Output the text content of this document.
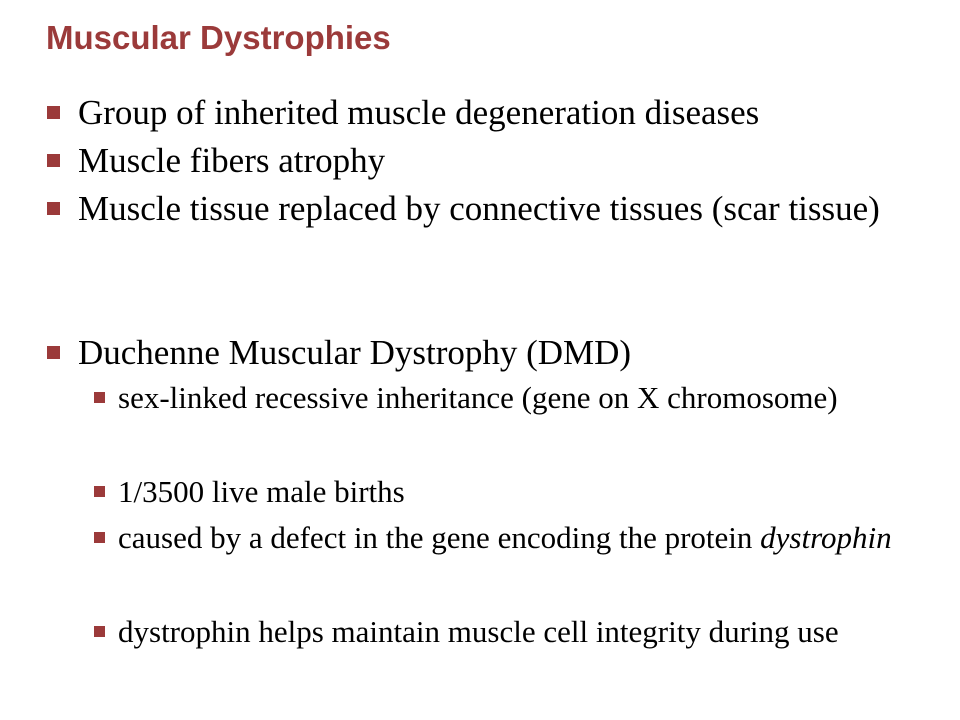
Muscular Dystrophies
Group of inherited muscle degeneration diseases
Muscle fibers atrophy
Muscle tissue replaced by connective tissues (scar tissue)
Duchenne Muscular Dystrophy (DMD)
sex-linked recessive inheritance (gene on X chromosome)
1/3500 live male births
caused by a defect in the gene encoding the protein dystrophin
dystrophin helps maintain muscle cell integrity during use
